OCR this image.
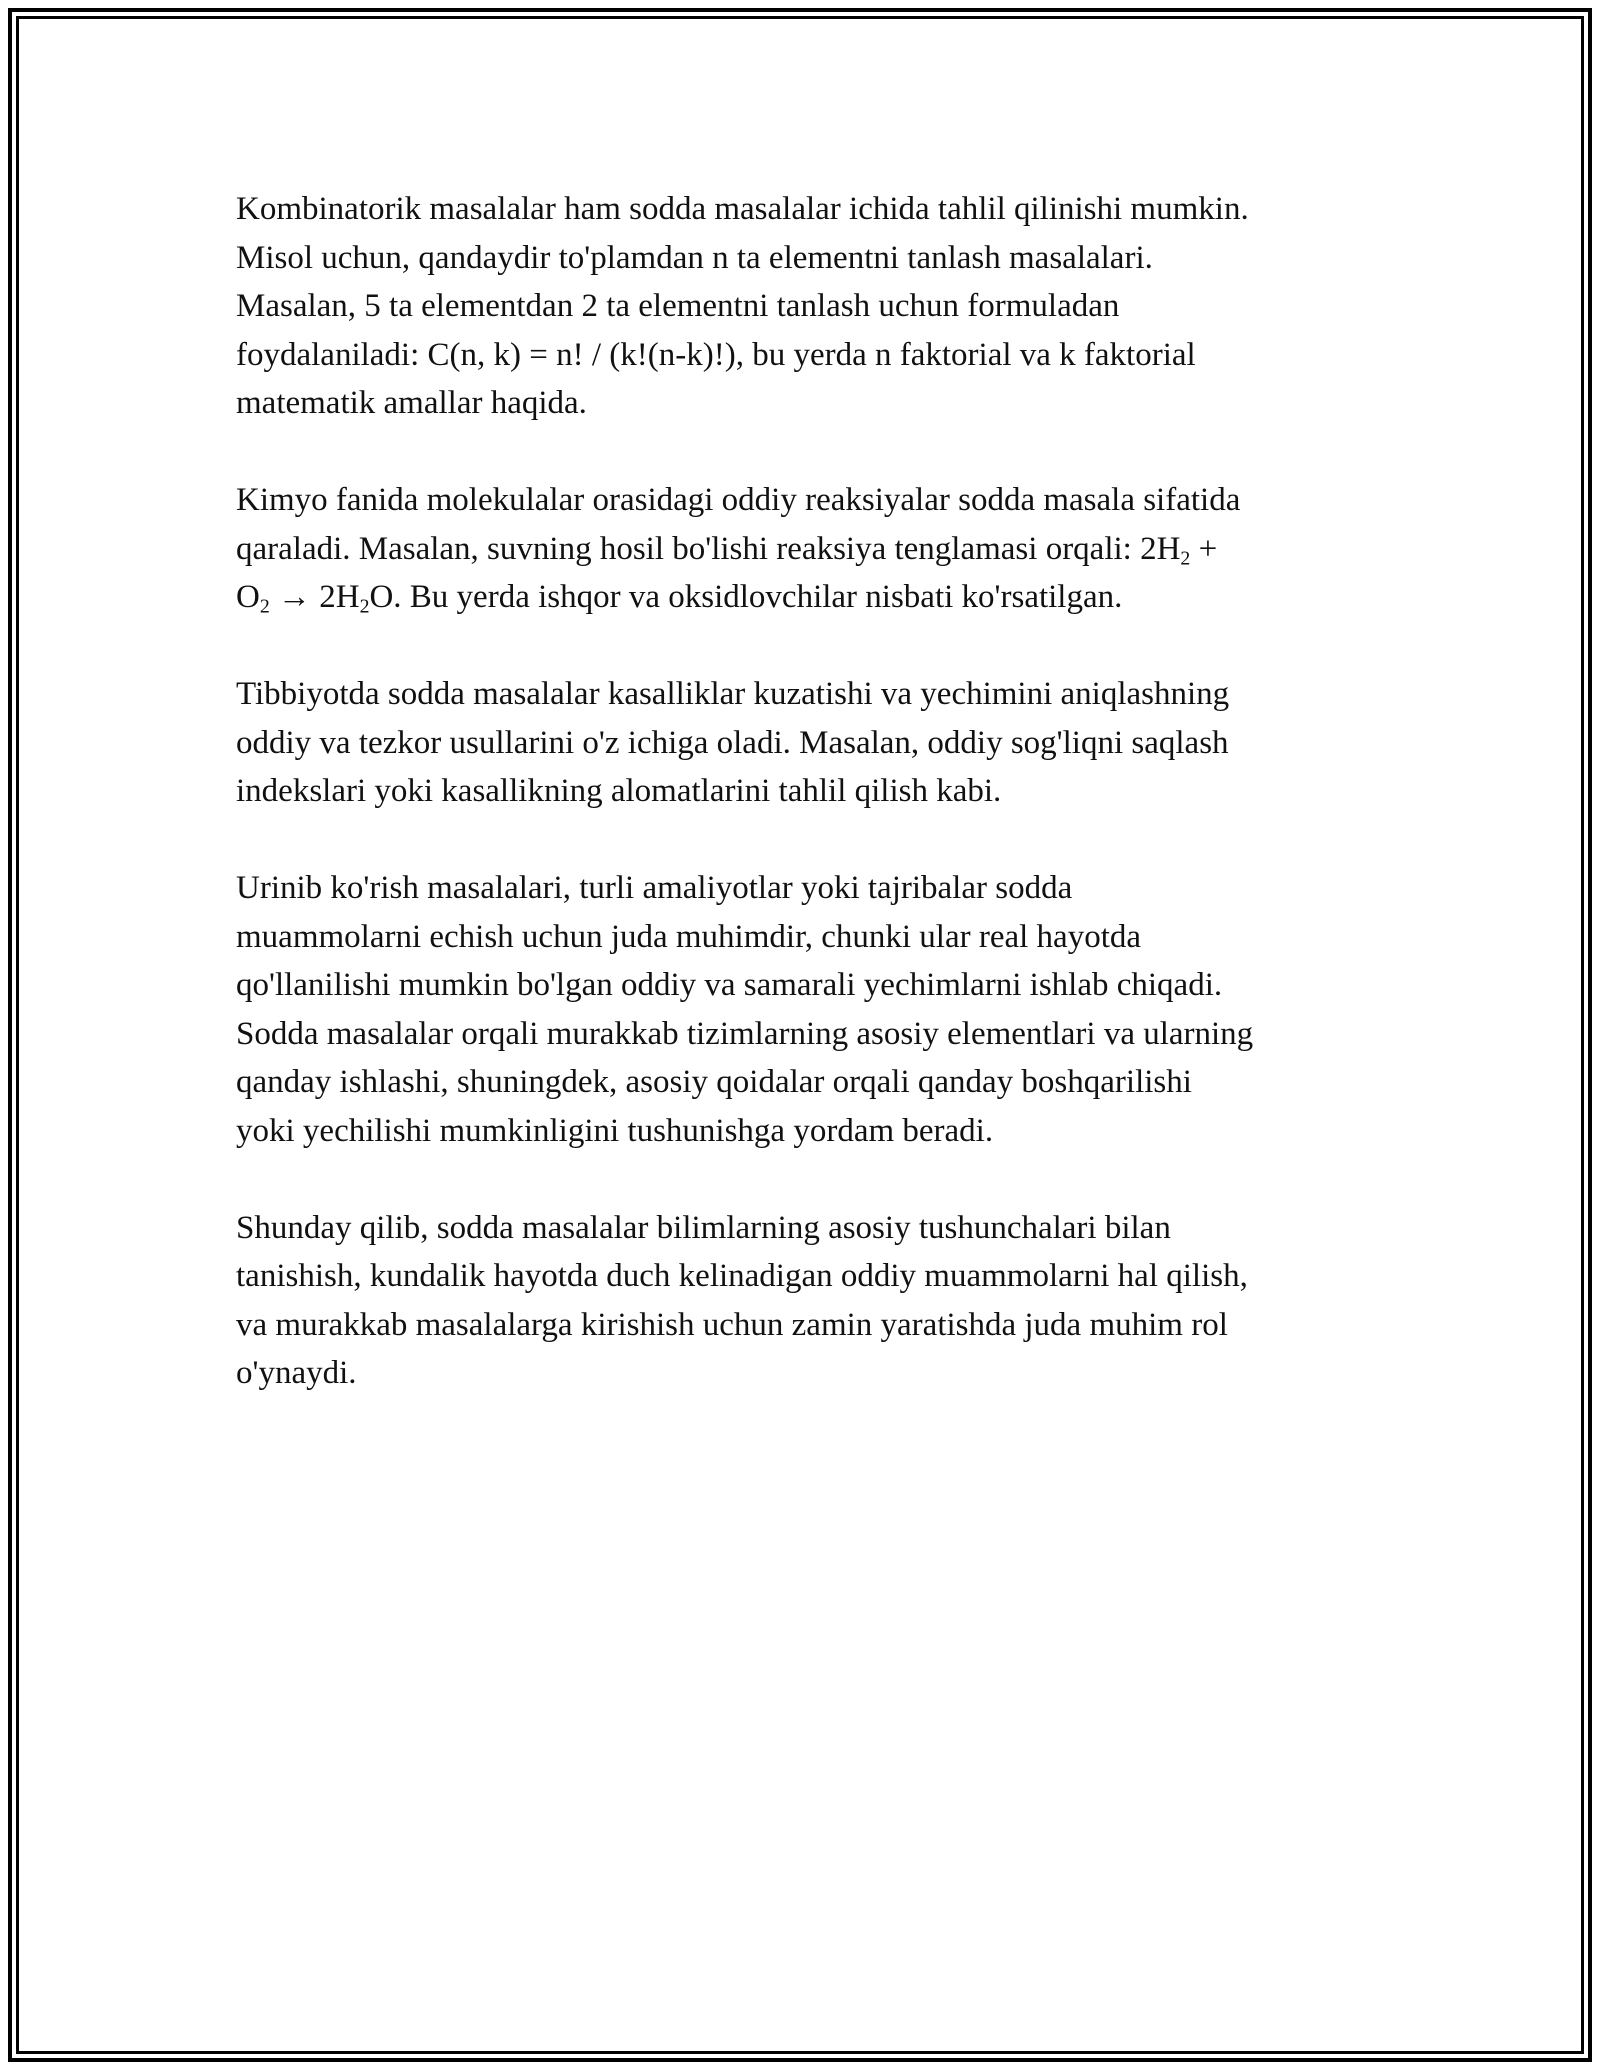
Kombinatorik masalalar ham sodda masalalar ichida tahlil qilinishi mumkin.
Misol uchun, qandaydir to'plamdan n ta elementni tanlash masalalari.
Masalan, 5 ta elementdan 2 ta elementni tanlash uchun formuladan
foydalaniladi: C(n, k) = n! / (k!(n-k)!), bu yerda n faktorial va k faktorial
matematik amallar haqida.

Kimyo fanida molekulalar orasidagi oddiy reaksiyalar sodda masala sifatida
qaraladi. Masalan, suvning hosil bo'lishi reaksiya tenglamasi orqali: $2H_2$ +
$O_2 \to 2H_2O$. Bu yerda ishqor va oksidlovchilar nisbati ko'rsatilgan.

Tibbiyotda sodda masalalar kasalliklar kuzatishi va yechimini aniqlashning
oddiy va tezkor usullarini o'z ichiga oladi. Masalan, oddiy sog'liqni saqlash
indekslari yoki kasallikning alomatlarini tahlil qilish kabi.

Urinib ko'rish masalalari, turli amaliyotlar yoki tajribalar sodda
muammolarni echish uchun juda muhimdir, chunki ular real hayotda
qo'llanilishi mumkin bo'lgan oddiy va samarali yechimlarni ishlab chiqadi.
Sodda masalalar orqali murakkab tizimlarning asosiy elementlari va ularning
qanday ishlashi, shuningdek, asosiy qoidalar orqali qanday boshqarilishi
yoki yechilishi mumkinligini tushunishga yordam beradi.

Shunday qilib, sodda masalalar bilimlarning asosiy tushunchalari bilan
tanishish, kundalik hayotda duch kelinadigan oddiy muammolarni hal qilish,
va murakkab masalalarga kirishish uchun zamin yaratishda juda muhim rol
o'ynaydi.
